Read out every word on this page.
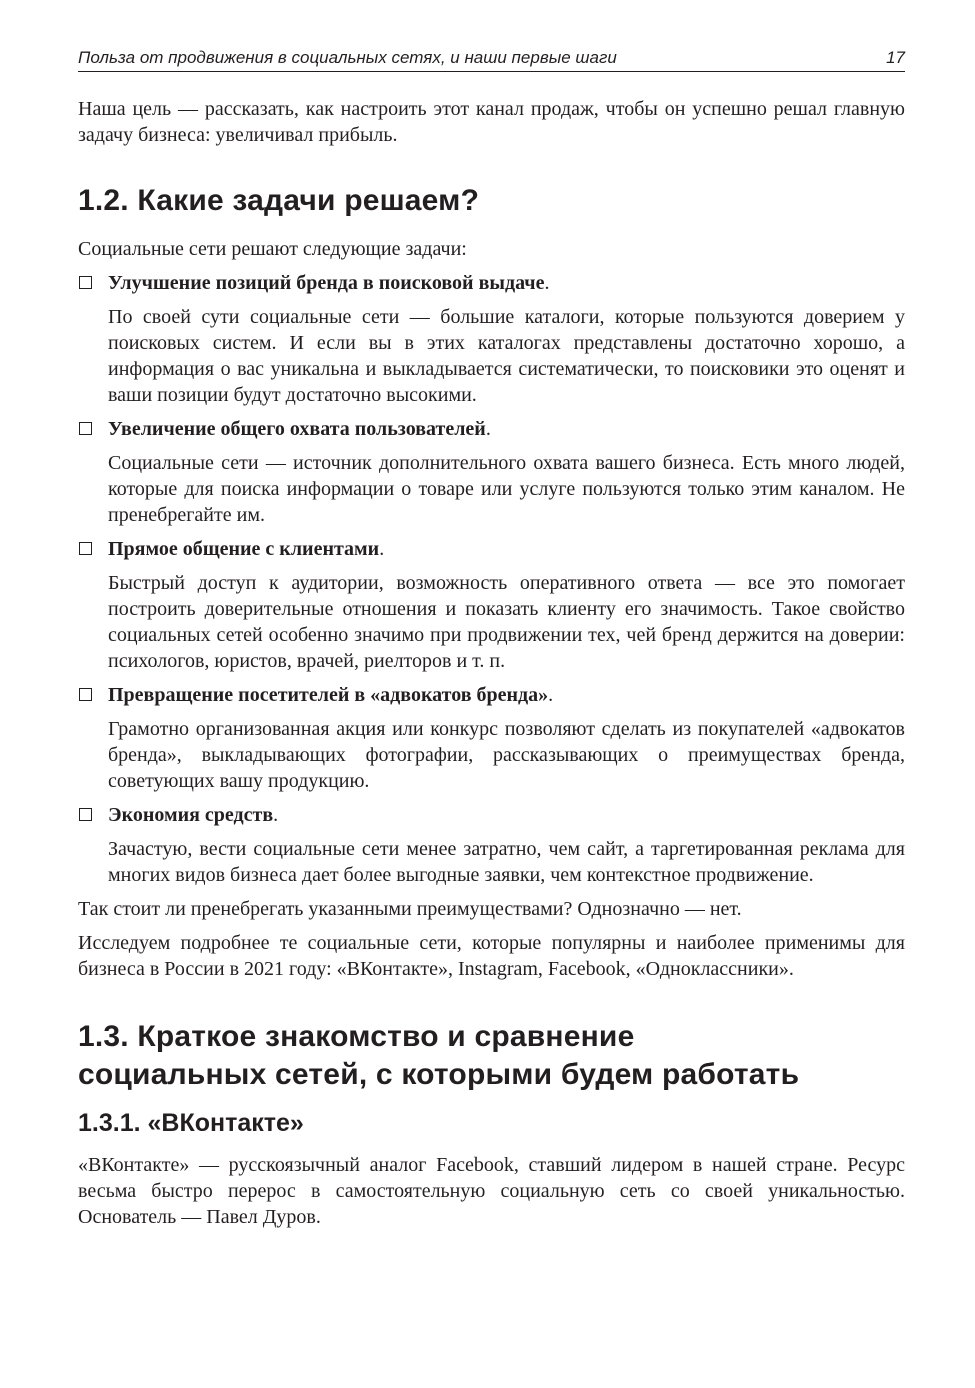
Польза от продвижения в социальных сетях, и наши первые шаги	17

Наша цель — рассказать, как настроить этот канал продаж, чтобы он успешно решал главную задачу бизнеса: увеличивал прибыль.

1.2. Какие задачи решаем?

Социальные сети решают следующие задачи:

Улучшение позиций бренда в поисковой выдаче.

По своей сути социальные сети — большие каталоги, которые пользуются доверием у поисковых систем. И если вы в этих каталогах представлены достаточно хорошо, а информация о вас уникальна и выкладывается систематически, то поисковики это оценят и ваши позиции будут достаточно высокими.

Увеличение общего охвата пользователей.

Социальные сети — источник дополнительного охвата вашего бизнеса. Есть много людей, которые для поиска информации о товаре или услуге пользуются только этим каналом. Не пренебрегайте им.

Прямое общение с клиентами.

Быстрый доступ к аудитории, возможность оперативного ответа — все это помогает построить доверительные отношения и показать клиенту его значимость. Такое свойство социальных сетей особенно значимо при продвижении тех, чей бренд держится на доверии: психологов, юристов, врачей, риелторов и т. п.

Превращение посетителей в «адвокатов бренда».

Грамотно организованная акция или конкурс позволяют сделать из покупателей «адвокатов бренда», выкладывающих фотографии, рассказывающих о преимуществах бренда, советующих вашу продукцию.

Экономия средств.

Зачастую, вести социальные сети менее затратно, чем сайт, а таргетированная реклама для многих видов бизнеса дает более выгодные заявки, чем контекстное продвижение.

Так стоит ли пренебрегать указанными преимуществами? Однозначно — нет.

Исследуем подробнее те социальные сети, которые популярны и наиболее применимы для бизнеса в России в 2021 году: «ВКонтакте», Instagram, Facebook, «Одноклассники».

1.3. Краткое знакомство и сравнение
социальных сетей, с которыми будем работать
1.3.1. «ВКонтакте»

«ВКонтакте» — русскоязычный аналог Facebook, ставший лидером в нашей стране. Ресурс весьма быстро перерос в самостоятельную социальную сеть со своей уникальностью. Основатель — Павел Дуров.
